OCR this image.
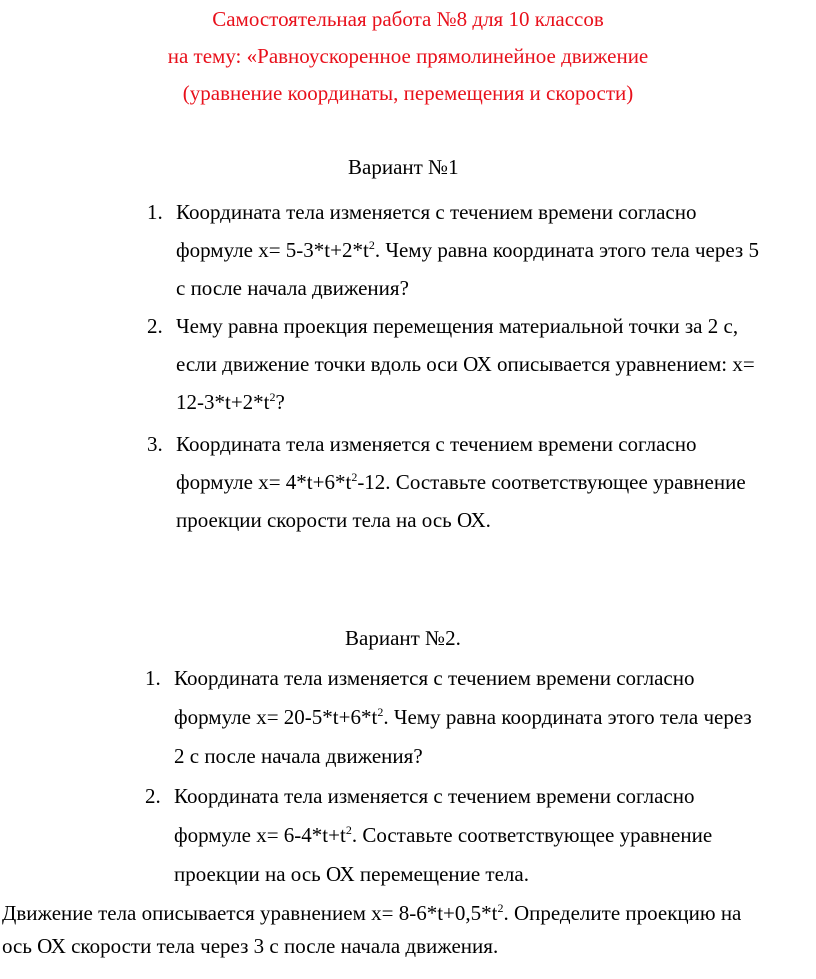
Самостоятельная работа №8 для 10 классов
на тему: «Равноускоренное прямолинейное движение
(уравнение координаты, перемещения и скорости)
Вариант №1
1. Координата тела изменяется с течением времени согласно
формуле $х= 5-3*t+2*t^2$. Чему равна координата этого тела через 5
с после начала движения?
2. Чему равна проекция перемещения материальной точки за 2 с,
если движение точки вдоль оси ОХ описывается уравнением: х=
$12-3*t+2*t^2$?
3. Координата тела изменяется с течением времени согласно
формуле $х= 4*t+6*t^2-12$. Составьте соответствующее уравнение
проекции скорости тела на ось ОХ.
Вариант №2.
1. Координата тела изменяется с течением времени согласно
формуле $х= 20-5*t+6*t^2$. Чему равна координата этого тела через
2 с после начала движения?
2. Координата тела изменяется с течением времени согласно
формуле $х= 6-4*t+t^2$. Составьте соответствующее уравнение
проекции на ось ОХ перемещение тела.
Движение тела описывается уравнением $х= 8-6*t+0,5*t^2$. Определите проекцию на
ось ОХ скорости тела через 3 с после начала движения.
